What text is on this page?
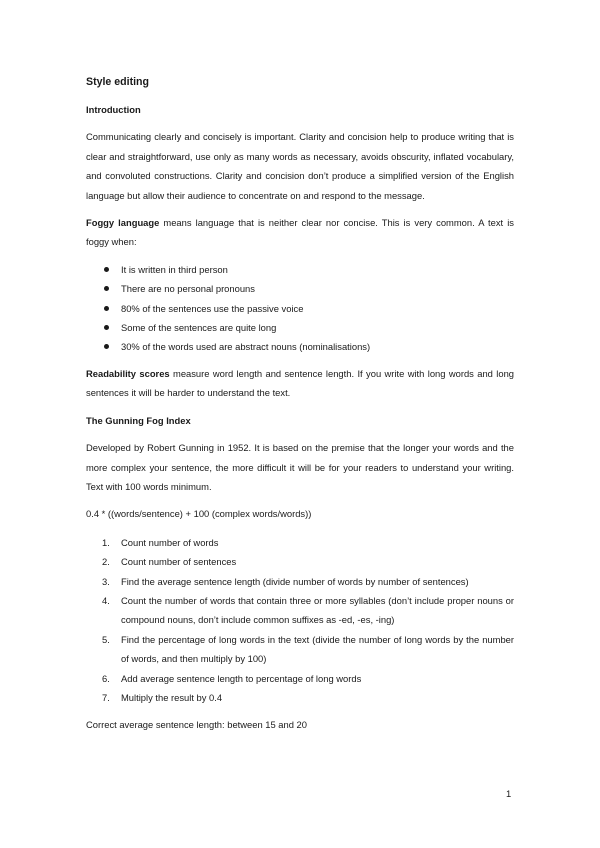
Style editing
Introduction

Communicating clearly and concisely is important. Clarity and concision help to produce writing that is clear and straightforward, use only as many words as necessary, avoids obscurity, inflated vocabulary, and convoluted constructions. Clarity and concision don’t produce a simplified version of the English language but allow their audience to concentrate on and respond to the message.

Foggy language means language that is neither clear nor concise. This is very common. A text is foggy when:

It is written in third person
There are no personal pronouns
80% of the sentences use the passive voice
Some of the sentences are quite long
30% of the words used are abstract nouns (nominalisations)

Readability scores measure word length and sentence length. If you write with long words and long sentences it will be harder to understand the text.

The Gunning Fog Index

Developed by Robert Gunning in 1952. It is based on the premise that the longer your words and the more complex your sentence, the more difficult it will be for your readers to understand your writing. Text with 100 words minimum.

0.4 * ((words/sentence) + 100 (complex words/words))
1. Count number of words
2. Count number of sentences
3. Find the average sentence length (divide number of words by number of sentences)
4. Count the number of words that contain three or more syllables (don’t include proper nouns or compound nouns, don’t include common suffixes as -ed, -es, -ing)
5. Find the percentage of long words in the text (divide the number of long words by the number of words, and then multiply by 100)
6. Add average sentence length to percentage of long words
7. Multiply the result by 0.4
Correct average sentence length: between 15 and 20
1
